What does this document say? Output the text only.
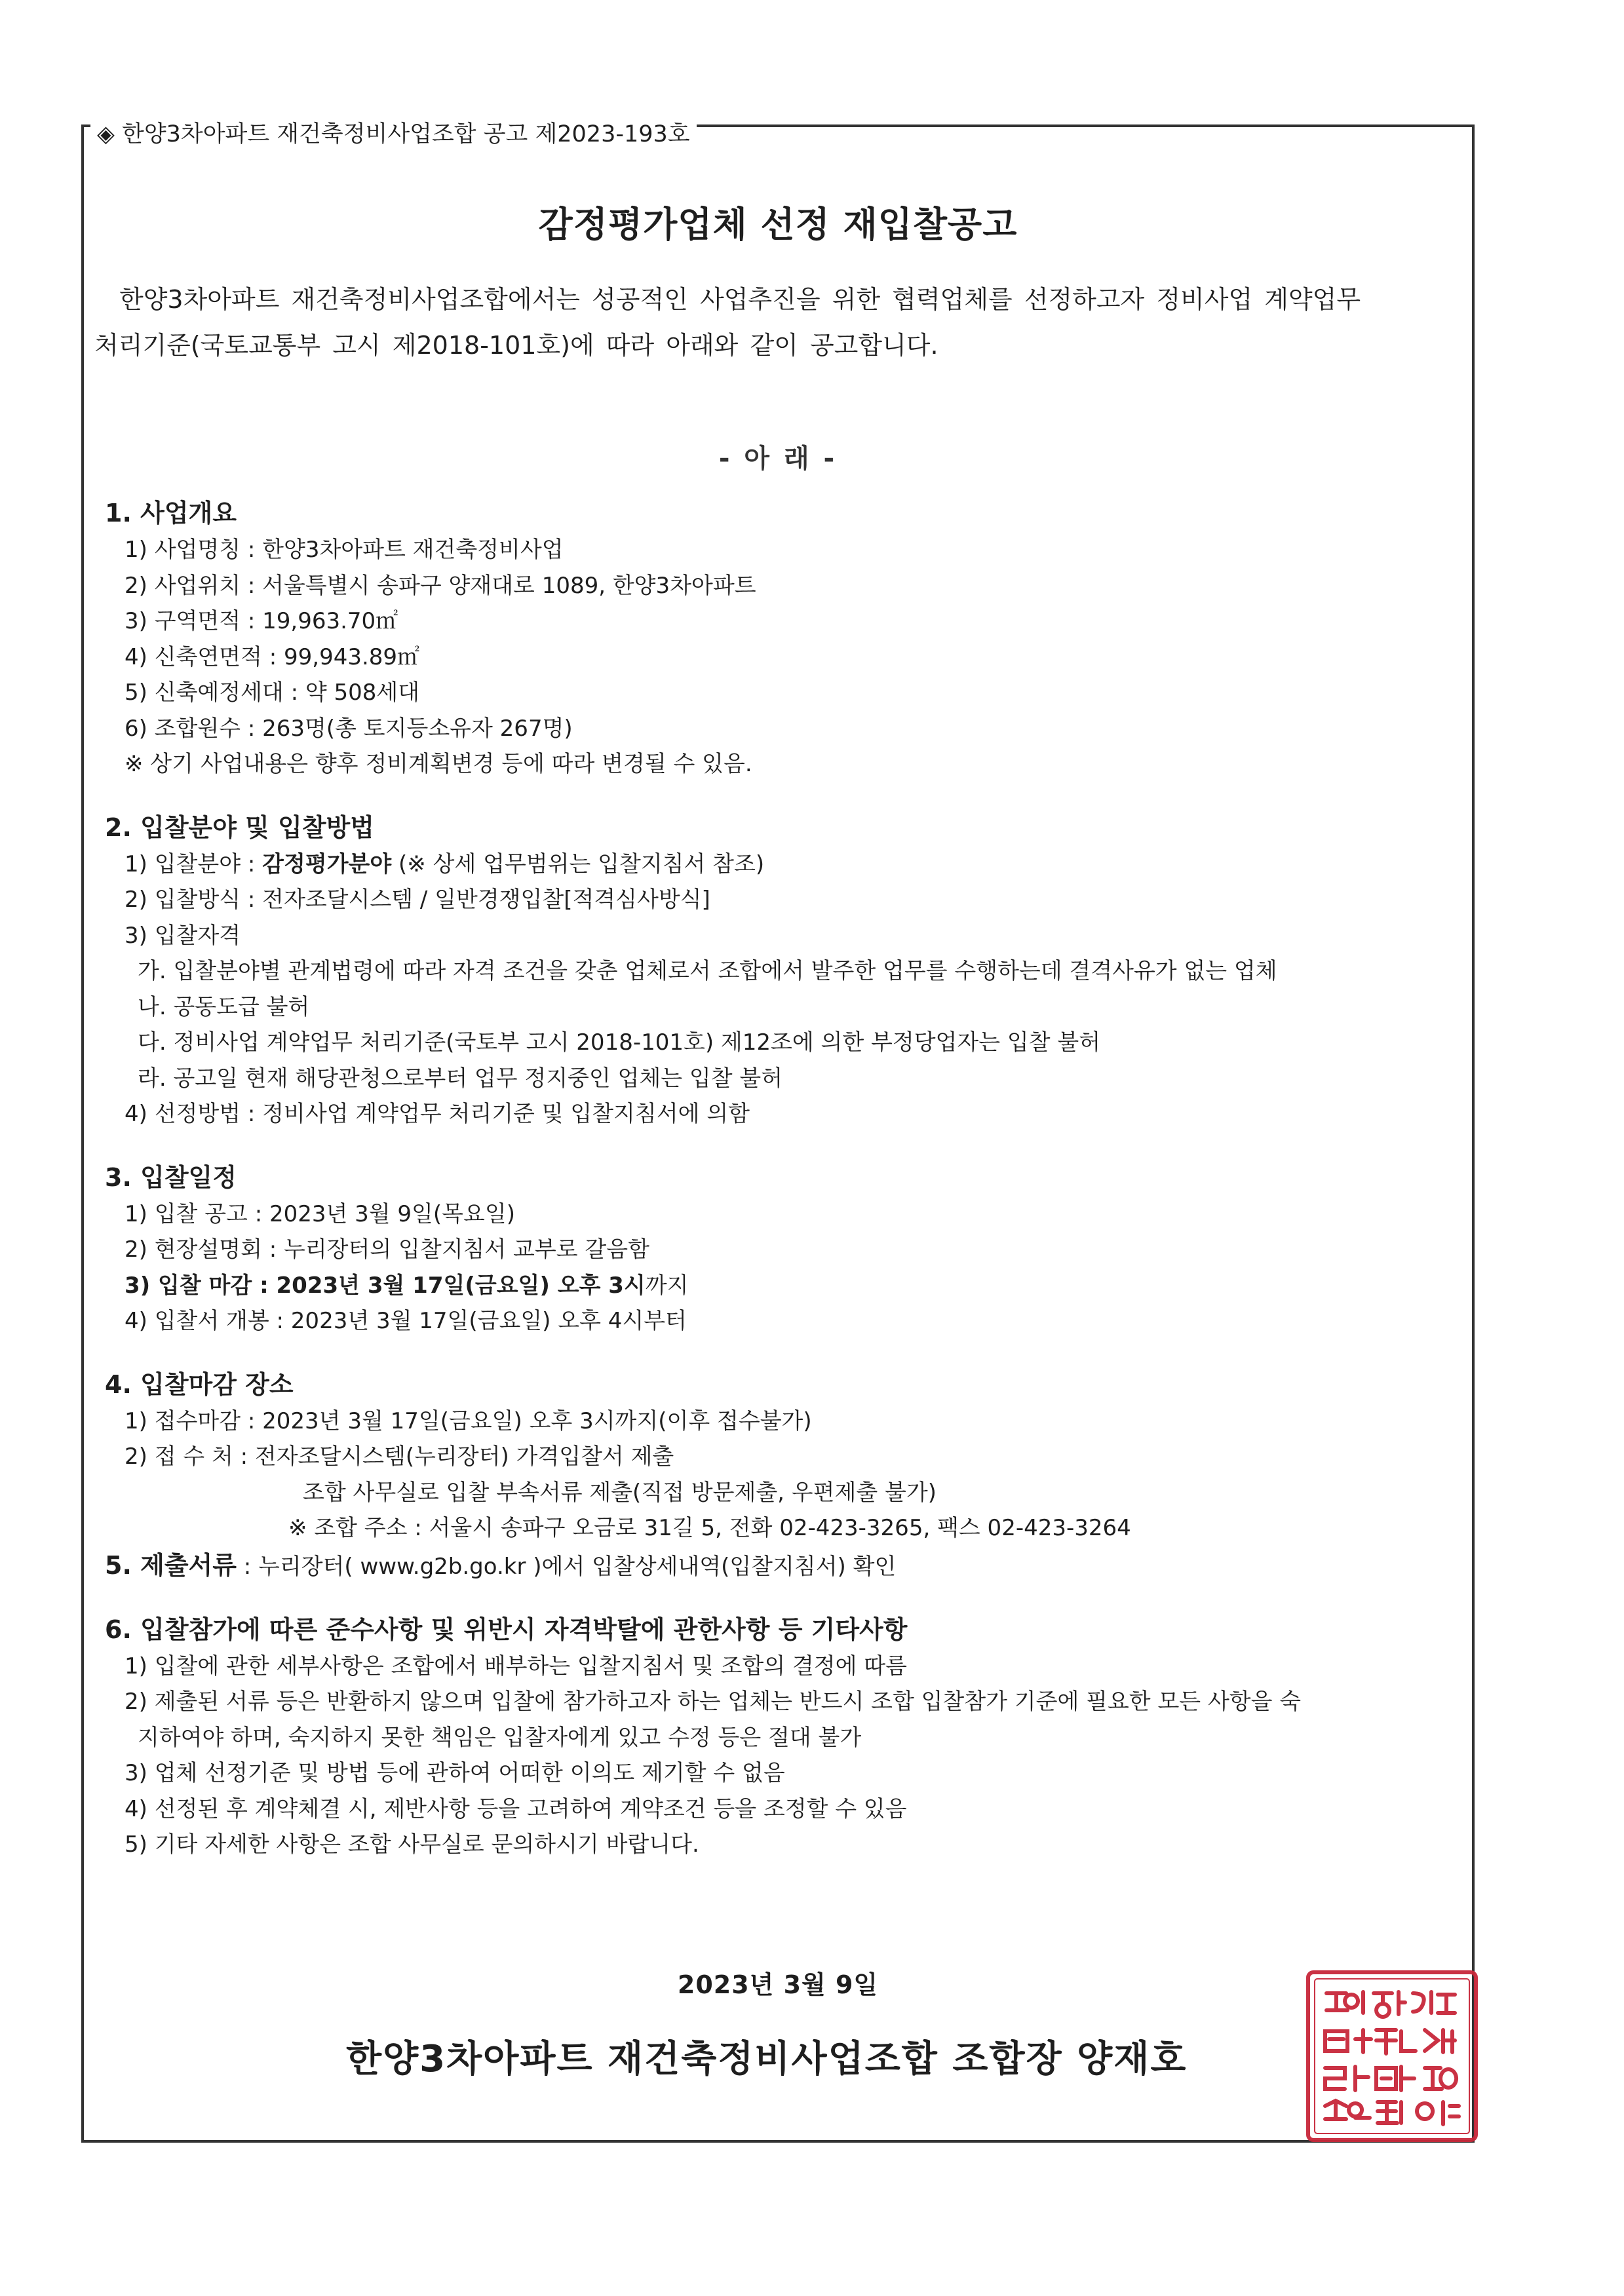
◈ 한양3차아파트 재건축정비사업조합 공고 제2023-193호
감정평가업체 선정 재입찰공고
한양3차아파트 재건축정비사업조합에서는 성공적인 사업추진을 위한 협력업체를 선정하고자 정비사업 계약업무
처리기준(국토교통부 고시 제2018-101호)에 따라 아래와 같이 공고합니다.
- 아 래 -
1. 사업개요
1) 사업명칭 : 한양3차아파트 재건축정비사업
2) 사업위치 : 서울특별시 송파구 양재대로 1089, 한양3차아파트
3) 구역면적 : 19,963.70㎡
4) 신축연면적 : 99,943.89㎡
5) 신축예정세대 : 약 508세대
6) 조합원수 : 263명(총 토지등소유자 267명)
※ 상기 사업내용은 향후 정비계획변경 등에 따라 변경될 수 있음.
2. 입찰분야 및 입찰방법
1) 입찰분야 : 감정평가분야 (※ 상세 업무범위는 입찰지침서 참조)
2) 입찰방식 : 전자조달시스템 / 일반경쟁입찰[적격심사방식]
3) 입찰자격
가. 입찰분야별 관계법령에 따라 자격 조건을 갖춘 업체로서 조합에서 발주한 업무를 수행하는데 결격사유가 없는 업체
나. 공동도급 불허
다. 정비사업 계약업무 처리기준(국토부 고시 2018-101호) 제12조에 의한 부정당업자는 입찰 불허
라. 공고일 현재 해당관청으로부터 업무 정지중인 업체는 입찰 불허
4) 선정방법 : 정비사업 계약업무 처리기준 및 입찰지침서에 의함
3. 입찰일정
1) 입찰 공고 : 2023년 3월 9일(목요일)
2) 현장설명회 : 누리장터의 입찰지침서 교부로 갈음함
3) 입찰 마감 : 2023년 3월 17일(금요일) 오후 3시까지
4) 입찰서 개봉 : 2023년 3월 17일(금요일) 오후 4시부터
4. 입찰마감 장소
1) 접수마감 : 2023년 3월 17일(금요일) 오후 3시까지(이후 접수불가)
2) 접 수 처 : 전자조달시스템(누리장터) 가격입찰서 제출
조합 사무실로 입찰 부속서류 제출(직접 방문제출, 우편제출 불가)
※ 조합 주소 : 서울시 송파구 오금로 31길 5, 전화 02-423-3265, 팩스 02-423-3264
5. 제출서류 : 누리장터( www.g2b.go.kr )에서 입찰상세내역(입찰지침서) 확인
6. 입찰참가에 따른 준수사항 및 위반시 자격박탈에 관한사항 등 기타사항
1) 입찰에 관한 세부사항은 조합에서 배부하는 입찰지침서 및 조합의 결정에 따름
2) 제출된 서류 등은 반환하지 않으며 입찰에 참가하고자 하는 업체는 반드시 조합 입찰참가 기준에 필요한 모든 사항을 숙
지하여야 하며, 숙지하지 못한 책임은 입찰자에게 있고 수정 등은 절대 불가
3) 업체 선정기준 및 방법 등에 관하여 어떠한 이의도 제기할 수 없음
4) 선정된 후 계약체결 시, 제반사항 등을 고려하여 계약조건 등을 조정할 수 있음
5) 기타 자세한 사항은 조합 사무실로 문의하시기 바랍니다.
2023년 3월 9일
한양3차아파트 재건축정비사업조합 조합장 양재호
